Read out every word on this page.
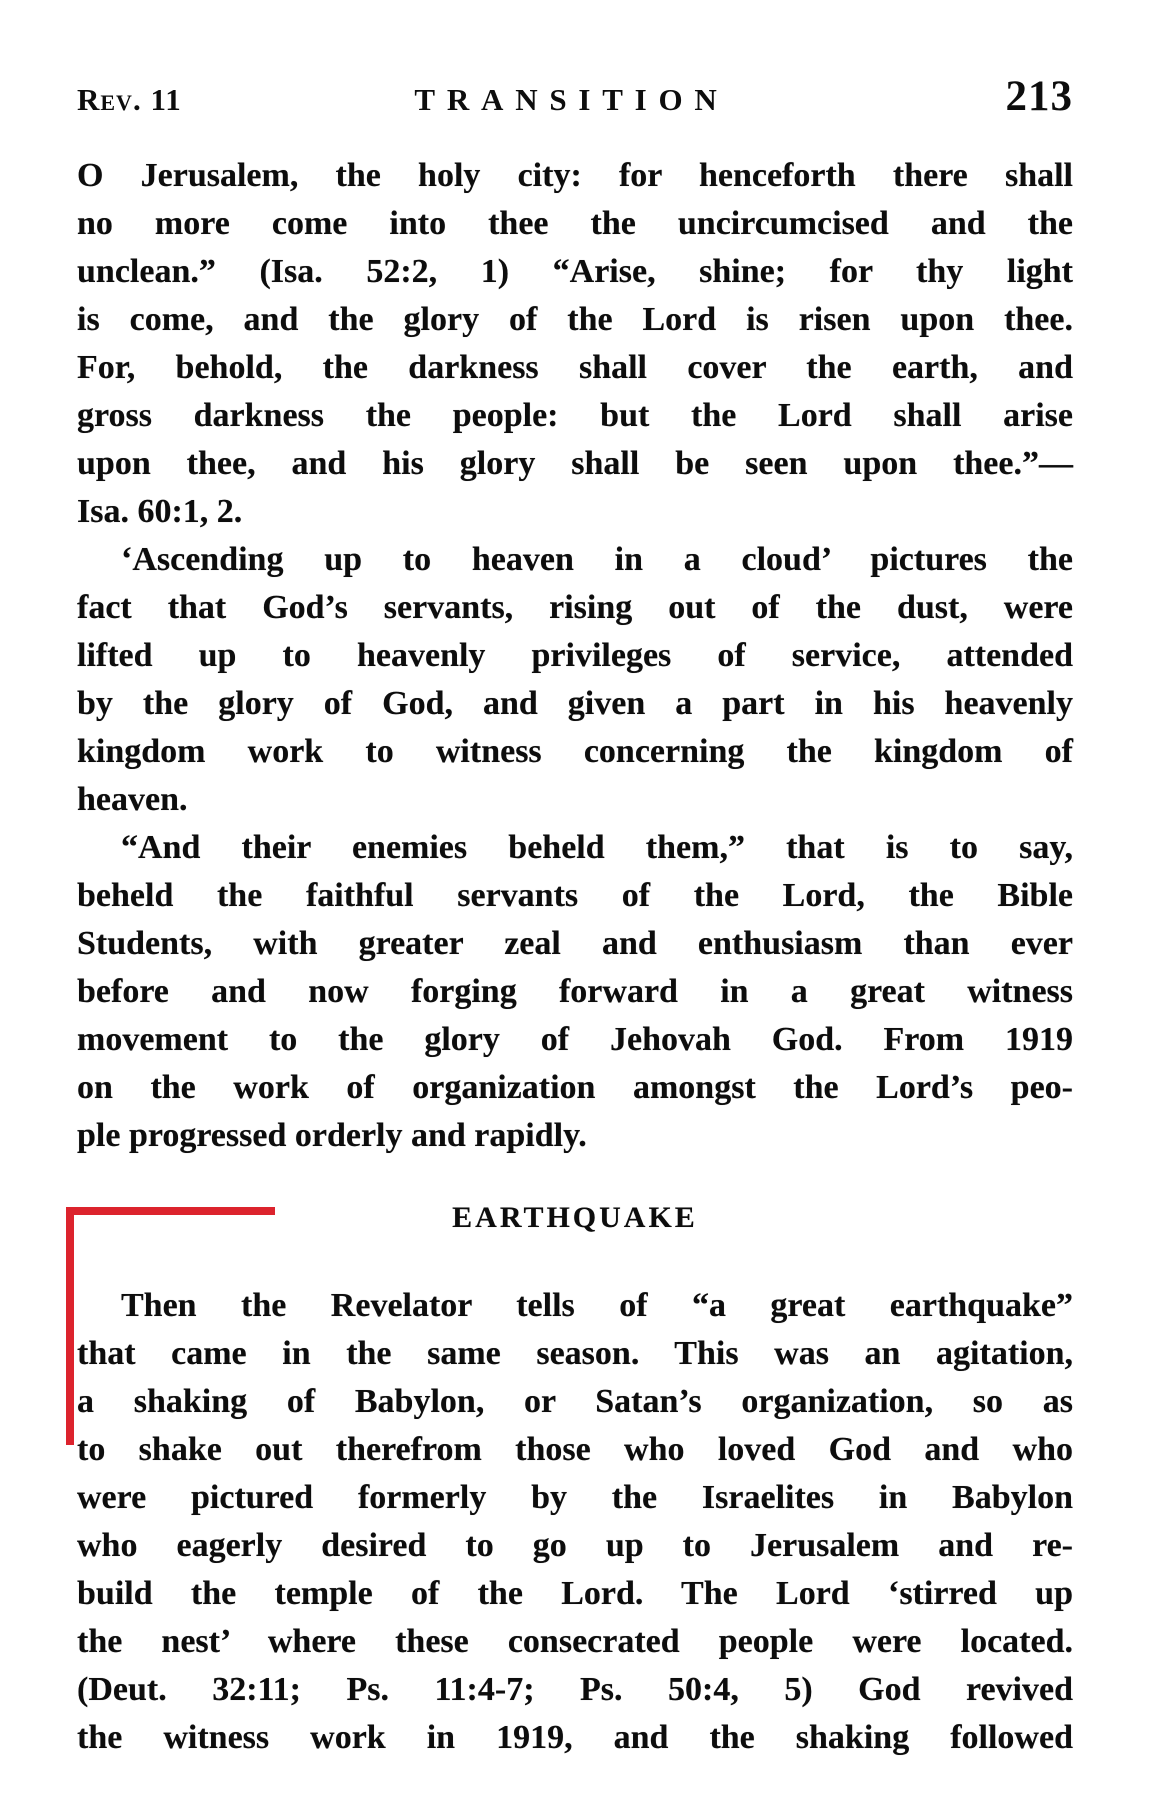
Rev. 11	TRANSITION	213
O Jerusalem, the holy city: for henceforth there shall
no more come into thee the uncircumcised and the
unclean.” (Isa. 52:2, 1) “Arise, shine; for thy light
is come, and the glory of the Lord is risen upon thee.
For, behold, the darkness shall cover the earth, and
gross darkness the people: but the Lord shall arise
upon thee, and his glory shall be seen upon thee.”—
Isa. 60:1, 2.
‘Ascending up to heaven in a cloud’ pictures the
fact that God’s servants, rising out of the dust, were
lifted up to heavenly privileges of service, attended
by the glory of God, and given a part in his heavenly
kingdom work to witness concerning the kingdom of
heaven.
“And their enemies beheld them,” that is to say,
beheld the faithful servants of the Lord, the Bible
Students, with greater zeal and enthusiasm than ever
before and now forging forward in a great witness
movement to the glory of Jehovah God. From 1919
on the work of organization amongst the Lord’s peo-
ple progressed orderly and rapidly.
EARTHQUAKE
Then the Revelator tells of “a great earthquake”
that came in the same season. This was an agitation,
a shaking of Babylon, or Satan’s organization, so as
to shake out therefrom those who loved God and who
were pictured formerly by the Israelites in Babylon
who eagerly desired to go up to Jerusalem and re-
build the temple of the Lord. The Lord ‘stirred up
the nest’ where these consecrated people were located.
(Deut. 32:11; Ps. 11:4-7; Ps. 50:4, 5) God revived
the witness work in 1919, and the shaking followed
